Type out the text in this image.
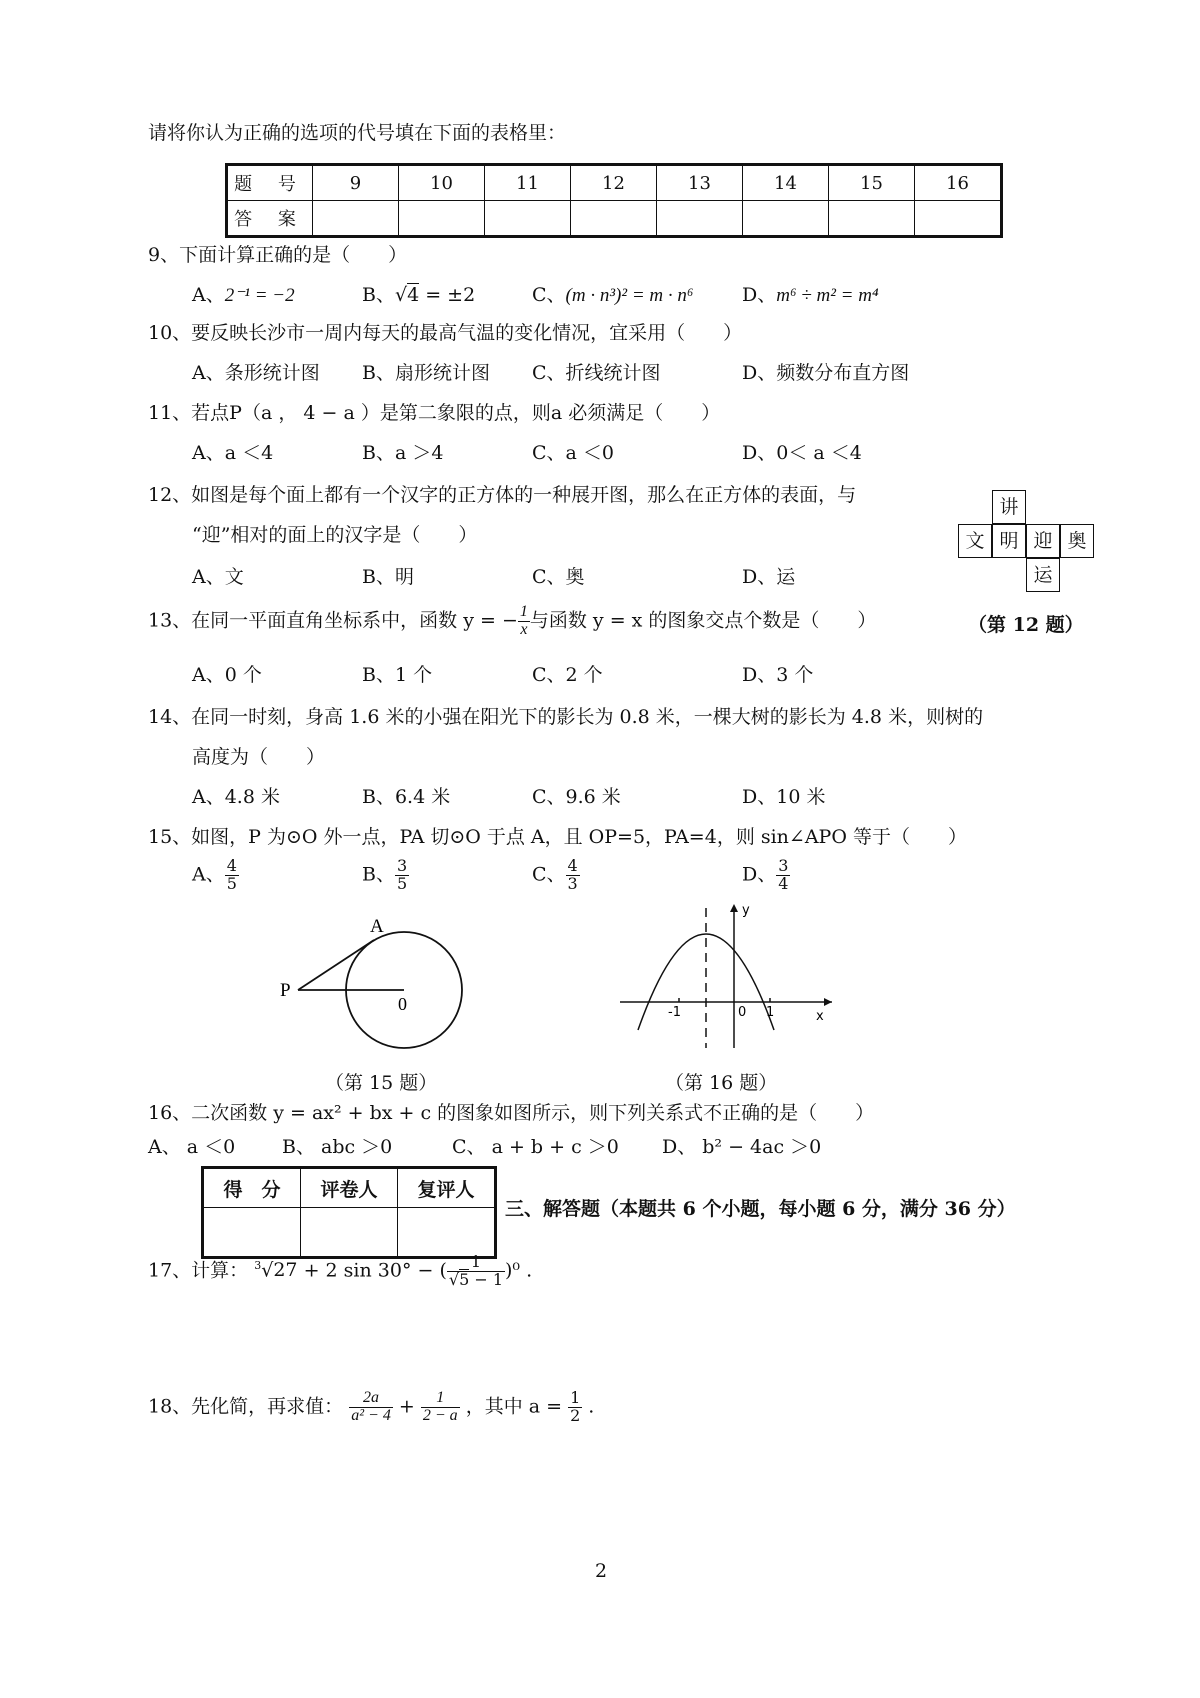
请将你认为正确的选项的代号填在下面的表格里：
题 号	9	10	11	12	13	14	15	16
答 案								
9、下面计算正确的是（　　）
A、2⁻¹ = −2	B、√4 = ±2	C、(m · n³)² = m · n⁶	D、m⁶ ÷ m² = m⁴
10、要反映长沙市一周内每天的最高气温的变化情况，宜采用（　　）
A、条形统计图 B、扇形统计图 C、折线统计图	D、频数分布直方图
11、若点P（a ， 4 − a ）是第二象限的点，则a 必须满足（　　）
A、a ＜4	B、a ＞4	C、a ＜0	D、0＜ a ＜4
12、如图是每个面上都有一个汉字的正方体的一种展开图，那么在正方体的表面，与
“迎”相对的面上的汉字是（　　）
A、文	B、明	C、奥	D、运
讲
文 明 迎 奥
运
（第 12 题）
13、在同一平面直角坐标系中，函数 y = − $\frac{1}{x}$ 与函数 y = x 的图象交点个数是（　　）
A、0 个	B、1 个	C、2 个	D、3 个
14、在同一时刻，身高 1.6 米的小强在阳光下的影长为 0.8 米，一棵大树的影长为 4.8 米，则树的
高度为（　　）
A、4.8 米	B、6.4 米	C、9.6 米	D、10 米
15、如图，P 为⊙O 外一点，PA 切⊙O 于点 A，且 OP=5，PA=4，则 sin∠APO 等于（　　）
A、 $\frac{4}{5}$	B、 $\frac{3}{5}$	C、 $\frac{4}{3}$	D、 $\frac{3}{4}$
A
P
0
（第 15 题）
y
x
-1	0 1
（第 16 题）
16、二次函数 y = ax² + bx + c 的图象如图所示，则下列关系式不正确的是（　　）
A、 a ＜0 B、 abc ＞0	C、 a + b + c ＞0 D、 b² − 4ac ＞0
得　分	评卷人	复评人

三、解答题（本题共 6 个小题，每小题 6 分，满分 36 分）
17、计算： $^3$√27 + 2 sin 30° − ( $\frac{1}{√5 - 1} )^0$ .
18、先化简，再求值： $\frac{2a}{\text{a² − 4}} + \frac{1}{2 - a}$ ，其中 $a = \frac{1}{2}$ .
2
